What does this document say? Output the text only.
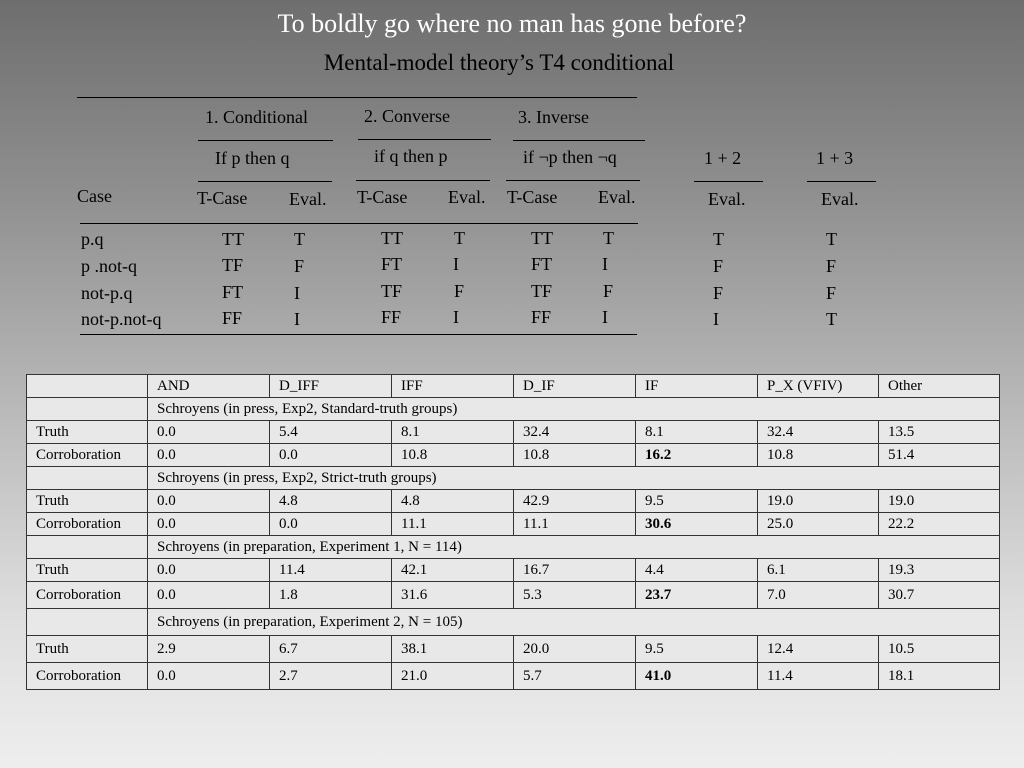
To boldly go where no man has gone before?
Mental-model theory’s T4 conditional
1. Conditional	2. Converse	3. Inverse
If p then q	if q then p	if ¬p then ¬q	1 + 2	1 + 3
Case	T-Case Eval. T-Case Eval. T-Case Eval.	Eval.	Eval.
p.q	TT	T	TT	T	TT	T	T	T
p .not-q	TF	F	FT	I	FT	I	F	F
not-p.q	FT	I	TF	F	TF	F	F	F
not-p.not-q	FF	I	FF	I	FF	I	I	T
	AND	D_IFF	IFF	D_IF	IF	P_X (VFIV)	Other
	Schroyens (in press, Exp2, Standard-truth groups)						
Truth	0.0	5.4	8.1	32.4	8.1	32.4	13.5
Corroboration	0.0	0.0	10.8	10.8	16.2	10.8	51.4
	Schroyens (in press, Exp2, Strict-truth groups)						
Truth	0.0	4.8	4.8	42.9	9.5	19.0	19.0
Corroboration	0.0	0.0	11.1	11.1	30.6	25.0	22.2
	Schroyens (in preparation, Experiment 1, N = 114)						
Truth	0.0	11.4	42.1	16.7	4.4	6.1	19.3
Corroboration	0.0	1.8	31.6	5.3	23.7	7.0	30.7
	Schroyens (in preparation, Experiment 2, N = 105)						
Truth	2.9	6.7	38.1	20.0	9.5	12.4	10.5
Corroboration	0.0	2.7	21.0	5.7	41.0	11.4	18.1
